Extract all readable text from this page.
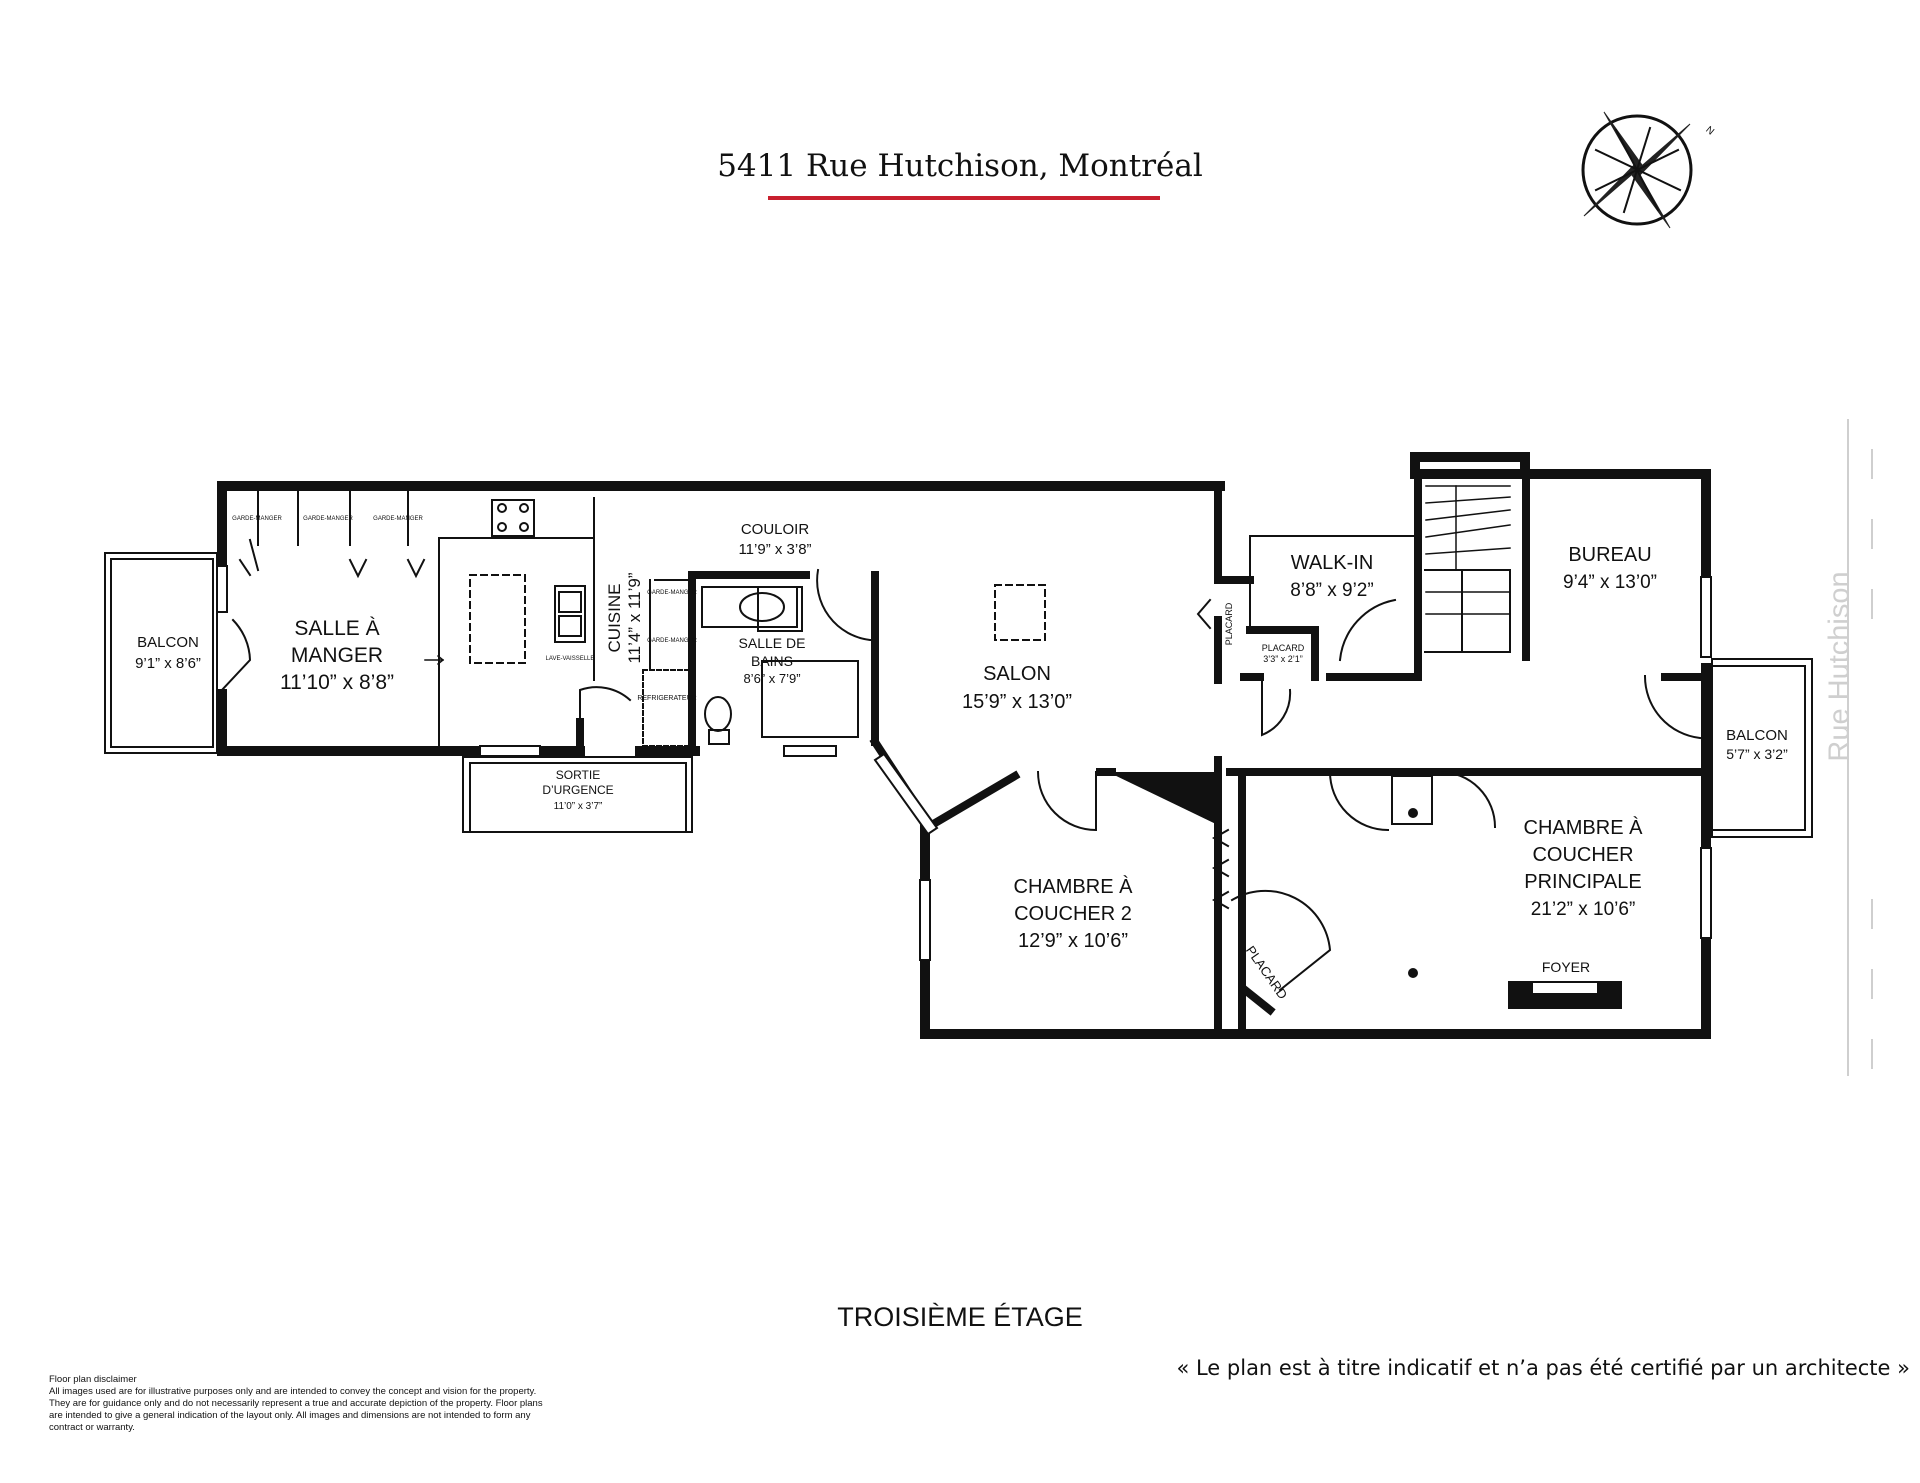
5411 Rue Hutchison, Montréal
BALCON
9’1” x 8’6”
SALLE À
MANGER
11’10” x 8’8”
GARDE-MANGER	GARDE-MANGER	GARDE-MANGER
GARDE-MANGER
GARDE-MANGER
LAVE-VAISSELLE
REFRIGERATEUR
CUISINE 11’4” x 11’9”
SORTIE
D’URGENCE
11’0” x 3’7”
COULOIR
11’9” x 3’8”
SALLE DE
BAINS
8’6” x 7’9”	SALON
15’9” x 13’0”
WALK-IN
8’8” x 9’2”
PLACARD
PLACARD
3’3” x 2’1”
BUREAU
9’4” x 13’0”
BALCON
5’7” x 3’2”
CHAMBRE À
COUCHER 2
12’9” x 10’6”
CHAMBRE À
COUCHER
PRINCIPALE
21’2” x 10’6”
PLACARD	FOYER
N
Rue Hutchison
TROISIÈME ÉTAGE
« Le plan est à titre indicatif et n’a pas été certifié par un architecte »
Floor plan disclaimer
All images used are for illustrative purposes only and are intended to convey the concept and vision for the property. They are for guidance only and do not necessarily represent a true and accurate depiction of the property. Floor plans are intended to give a general indication of the layout only. All images and dimensions are not intended to form any contract or warranty.
